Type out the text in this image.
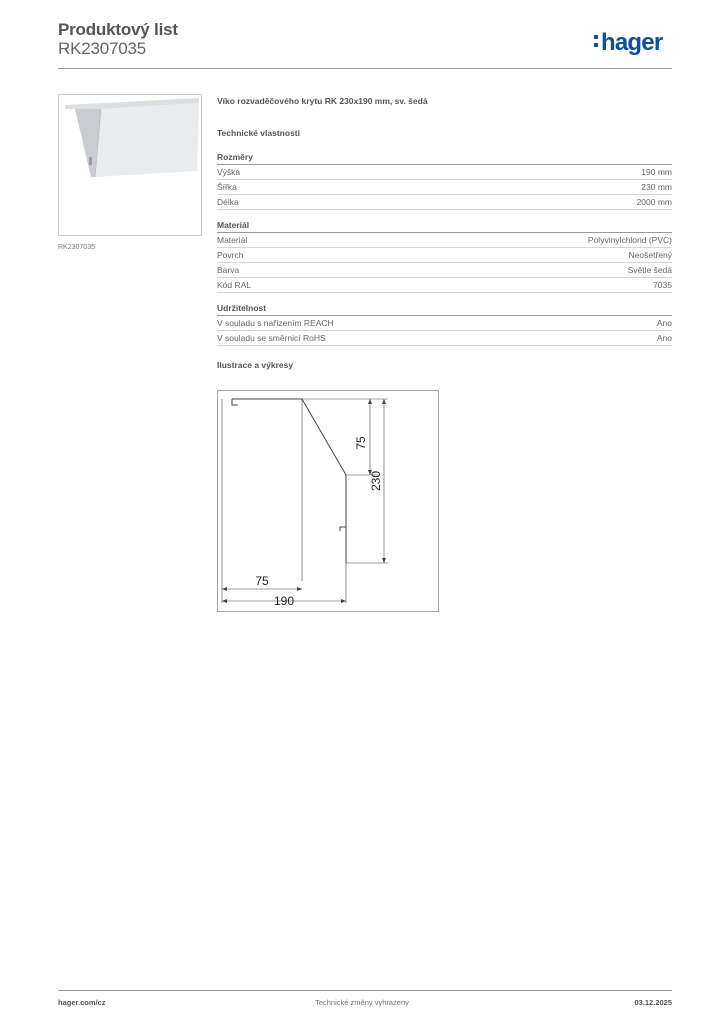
Produktový list
RK2307035	hager
RK2307035
Víko rozvaděčového krytu RK 230x190 mm, sv. šedá
Technické vlastnosti
Rozměry
Výška	190 mm
Šířka	230 mm
Délka	2000 mm
Materiál
Materiál	Polyvinylchlorid (PVC)
Povrch	Neošetřený
Barva	Světle šedá
Kód RAL	7035
Udržitelnost
V souladu s nařízením REACH	Ano
V souladu se směrnicí RoHS	Ano
Ilustrace a výkresy
75
230
75
190
hager.com/cz	Technické změny vyhrazeny	03.12.2025
